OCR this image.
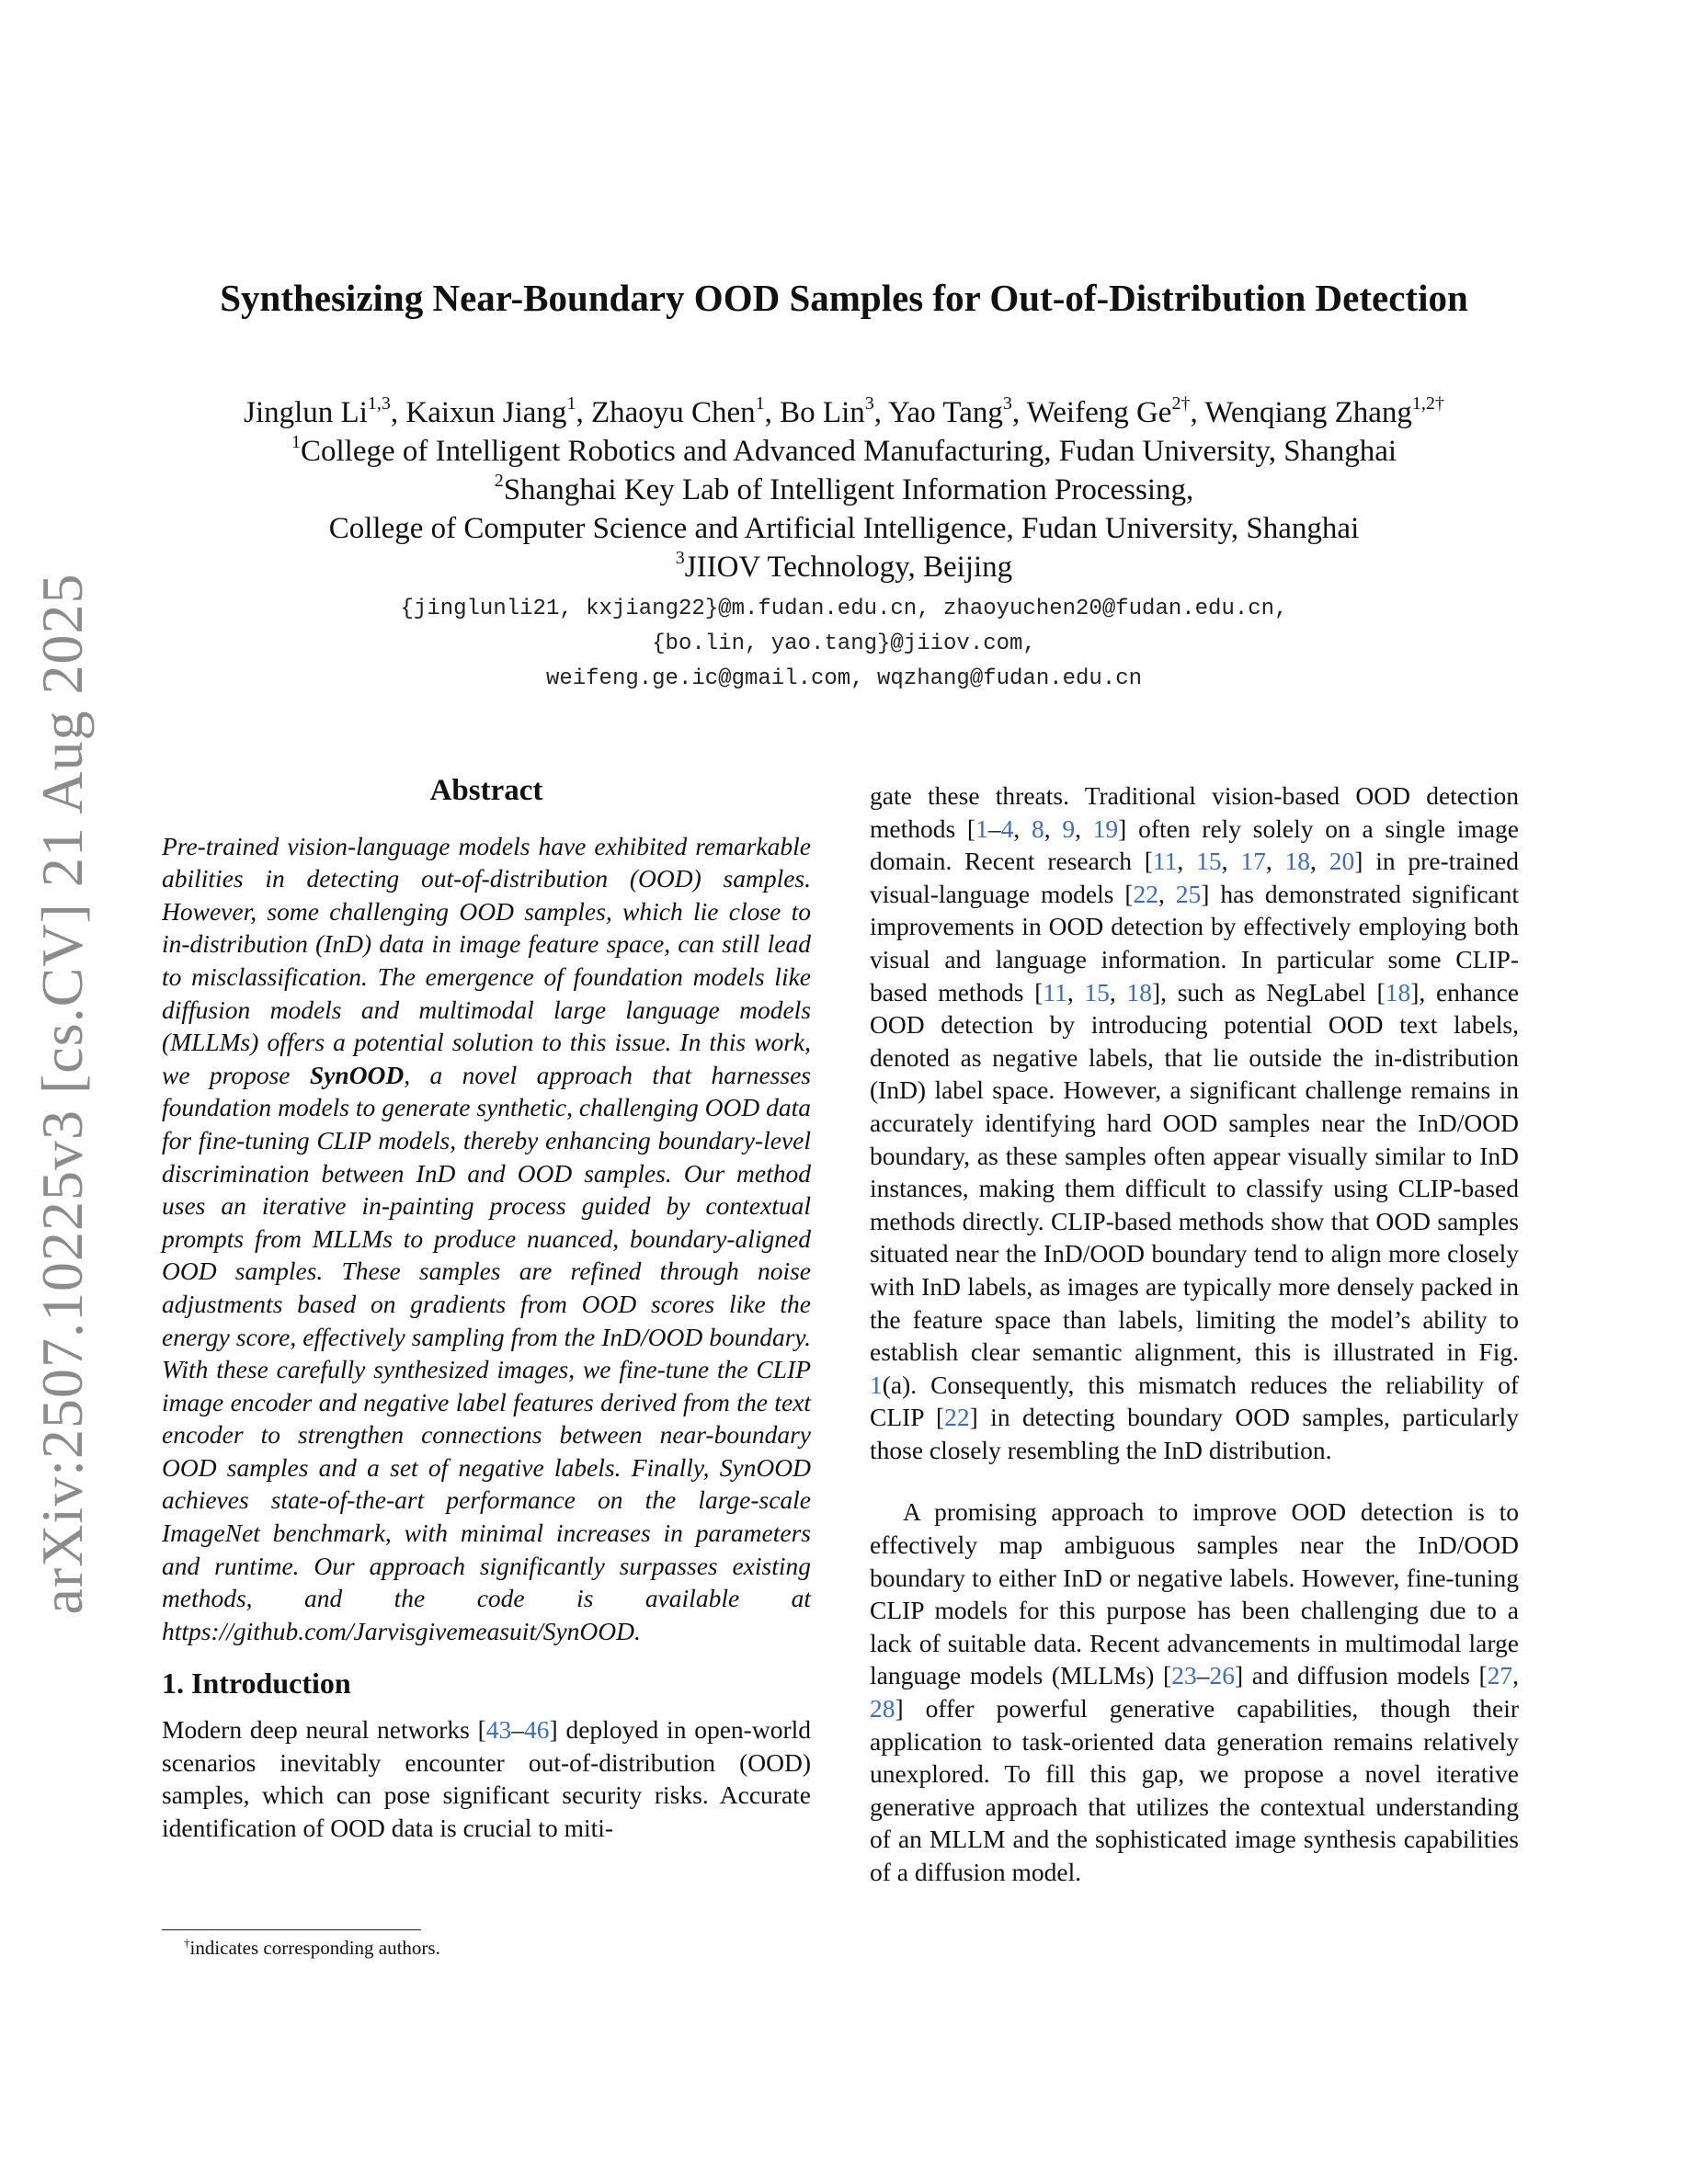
arXiv:2507.10225v3 [cs.CV] 21 Aug 2025
Synthesizing Near-Boundary OOD Samples for Out-of-Distribution Detection
Jinglun Li$^{1,3}$, Kaixun Jiang$^1$, Zhaoyu Chen$^1$, Bo Lin$^3$, Yao Tang$^3$, Weifeng $Ge^{2\dagger}$, Wenqiang Zhang$^{1,2\dagger}$
$^1$College of Intelligent Robotics and Advanced Manufacturing, Fudan University, Shanghai
$^2$Shanghai Key Lab of Intelligent Information Processing,
College of Computer Science and Artificial Intelligence, Fudan University, Shanghai
$^3$JIIOV Technology, Beijing
{jinglunli21, kxjiang22}@m.fudan.edu.cn, zhaoyuchen20@fudan.edu.cn,
{bo.lin, yao.tang}@jiiov.com,
weifeng.ge.ic@gmail.com, wqzhang@fudan.edu.cn

Abstract

Pre-trained vision-language models have exhibited remarkable abilities in detecting out-of-distribution (OOD) samples. However, some challenging OOD samples, which lie close to in-distribution (InD) data in image feature space, can still lead to misclassification. The emergence of foundation models like diffusion models and multimodal large language models (MLLMs) offers a potential solution to this issue. In this work, we propose SynOOD, a novel approach that harnesses foundation models to generate synthetic, challenging OOD data for fine-tuning CLIP models, thereby enhancing boundary-level discrimination between InD and OOD samples. Our method uses an iterative in-painting process guided by contextual prompts from MLLMs to produce nuanced, boundary-aligned OOD samples. These samples are refined through noise adjustments based on gradients from OOD scores like the energy score, effectively sampling from the InD/OOD boundary. With these carefully synthesized images, we fine-tune the CLIP image encoder and negative label features derived from the text encoder to strengthen connections between near-boundary OOD samples and a set of negative labels. Finally, SynOOD achieves state-of-the-art performance on the large-scale ImageNet benchmark, with minimal increases in parameters and runtime. Our approach significantly surpasses existing methods, and the code is available at https://github.com/Jarvisgivemeasuit/SynOOD.

1. Introduction

Modern deep neural networks [43–46] deployed in open-world scenarios inevitably encounter out-of-distribution (OOD) samples, which can pose significant security risks. Accurate identification of OOD data is crucial to miti-

†indicates corresponding authors.

gate these threats. Traditional vision-based OOD detection methods [1–4, 8, 9, 19] often rely solely on a single image domain. Recent research [11, 15, 17, 18, 20] in pre-trained visual-language models [22, 25] has demonstrated significant improvements in OOD detection by effectively employing both visual and language information. In particular some CLIP-based methods [11, 15, 18], such as NegLabel [18], enhance OOD detection by introducing potential OOD text labels, denoted as negative labels, that lie outside the in-distribution (InD) label space. However, a significant challenge remains in accurately identifying hard OOD samples near the InD/OOD boundary, as these samples often appear visually similar to InD instances, making them difficult to classify using CLIP-based methods directly. CLIP-based methods show that OOD samples situated near the InD/OOD boundary tend to align more closely with InD labels, as images are typically more densely packed in the feature space than labels, limiting the model’s ability to establish clear semantic alignment, this is illustrated in Fig. 1(a). Consequently, this mismatch reduces the reliability of CLIP [22] in detecting boundary OOD samples, particularly those closely resembling the InD distribution.

A promising approach to improve OOD detection is to effectively map ambiguous samples near the InD/OOD boundary to either InD or negative labels. However, fine-tuning CLIP models for this purpose has been challenging due to a lack of suitable data. Recent advancements in multimodal large language models (MLLMs) [23–26] and diffusion models [27, 28] offer powerful generative capabilities, though their application to task-oriented data generation remains relatively unexplored. To fill this gap, we propose a novel iterative generative approach that utilizes the contextual understanding of an MLLM and the sophisticated image synthesis capabilities of a diffusion model.
